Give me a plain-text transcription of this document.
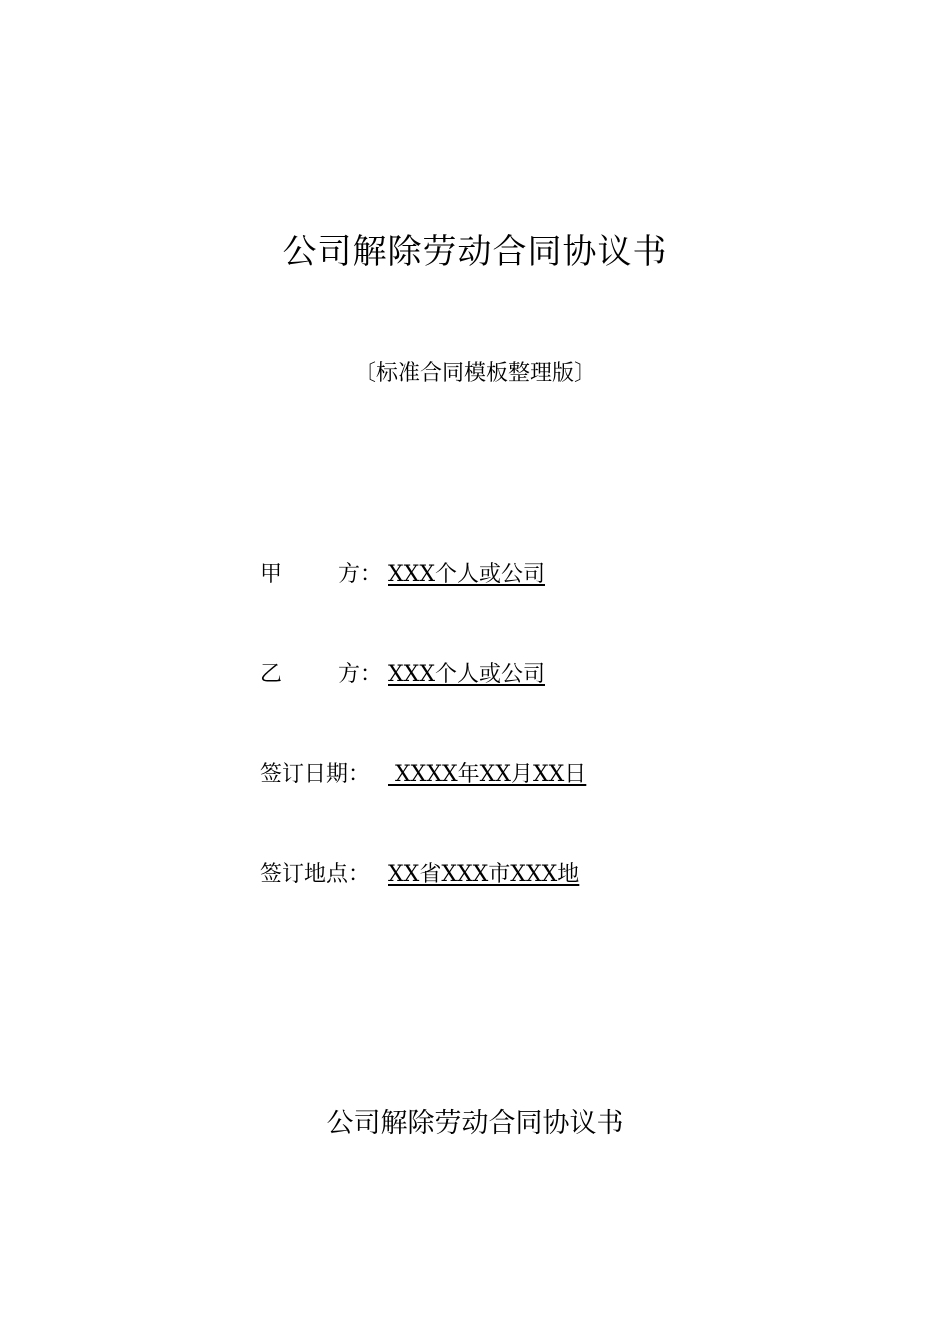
公司解除劳动合同协议书
〔标准合同模板整理版〕
甲	方： XXX个人或公司
乙	方： XXX个人或公司
签订日期： XXXX年XX月XX日
签订地点： XX省XXX市XXX地
公司解除劳动合同协议书
